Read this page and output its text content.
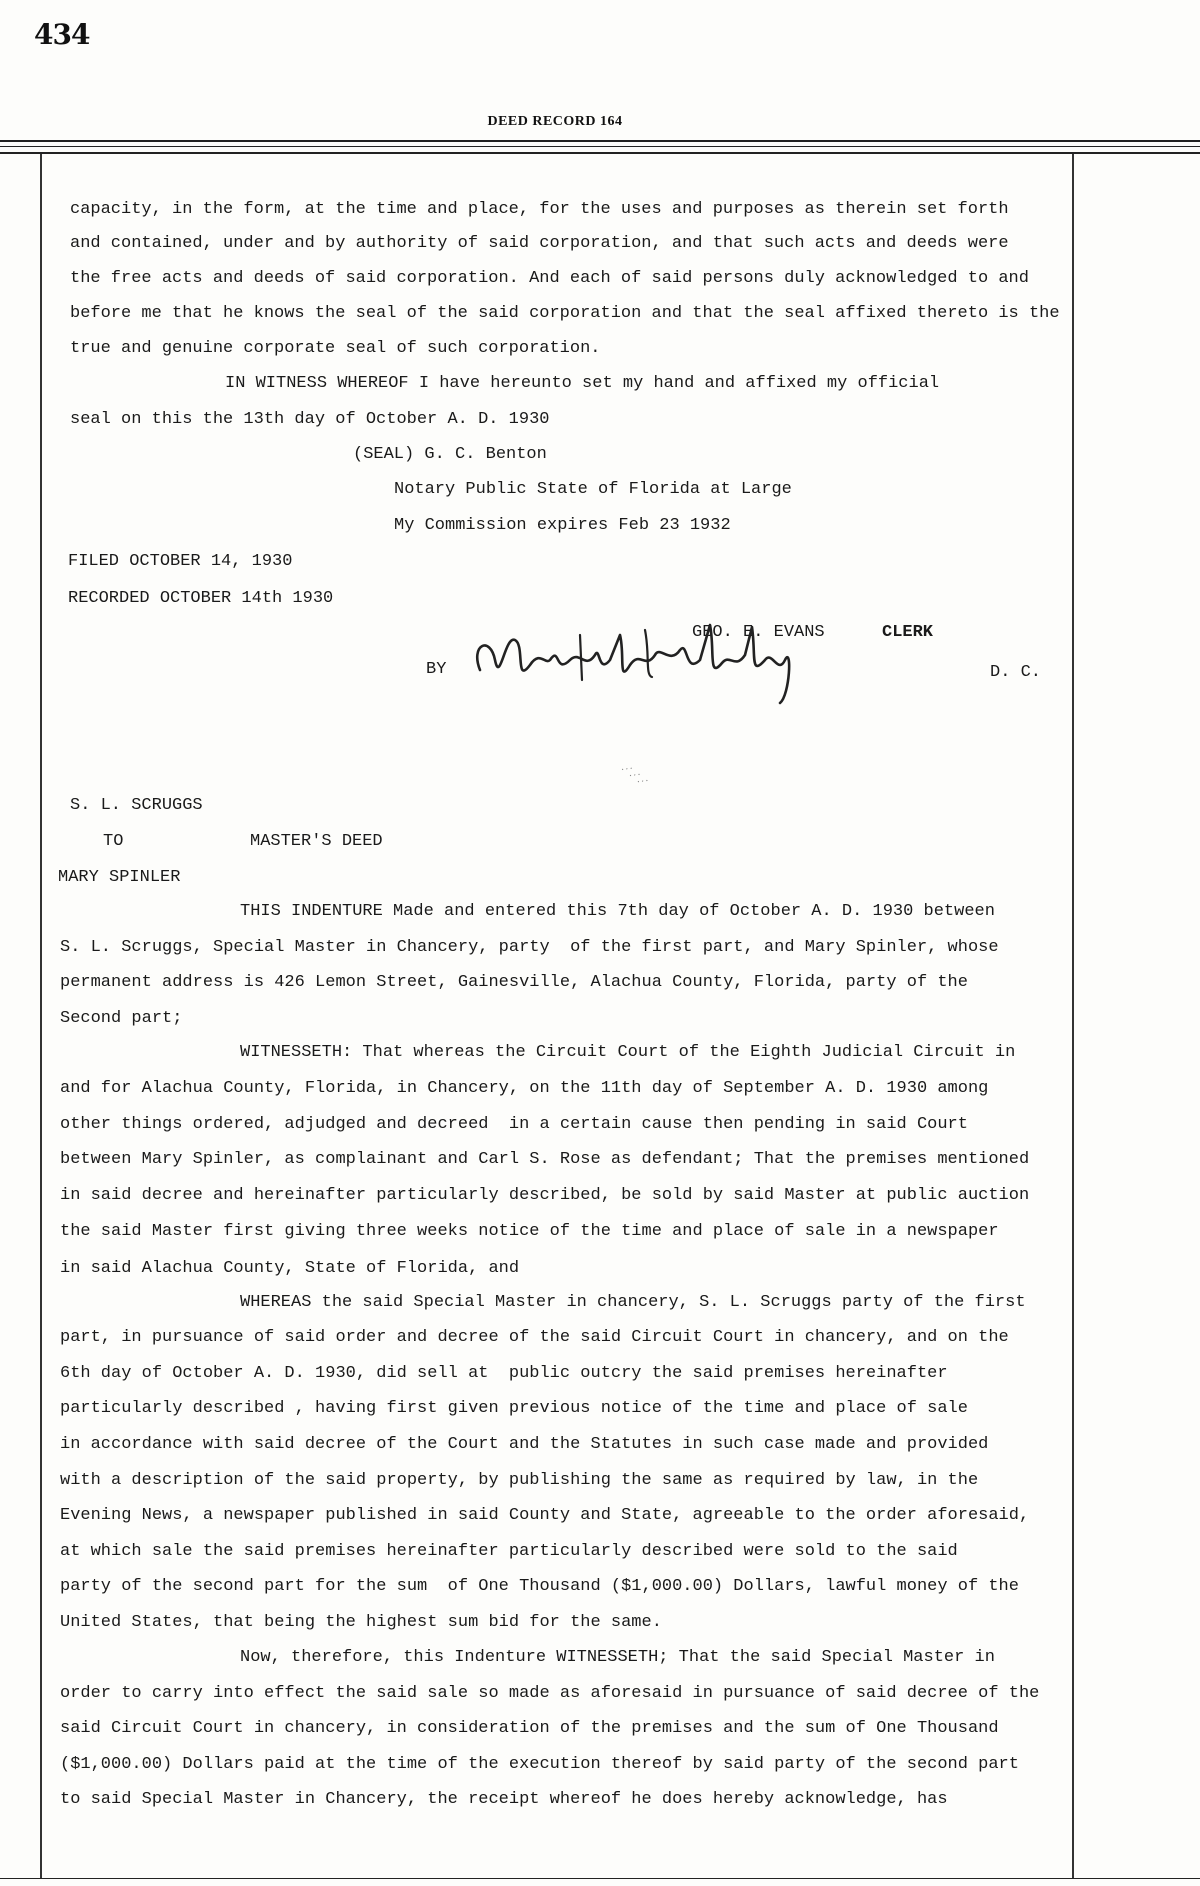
434
DEED RECORD 164
capacity, in the form, at the time and place, for the uses and purposes as therein set forth
and contained, under and by authority of said corporation, and that such acts and deeds were
the free acts and deeds of said corporation. And each of said persons duly acknowledged to and
before me that he knows the seal of the said corporation and that the seal affixed thereto is the
true and genuine corporate seal of such corporation.
IN WITNESS WHEREOF I have hereunto set my hand and affixed my official
seal on this the 13th day of October A. D. 1930
(SEAL) G. C. Benton
Notary Public State of Florida at Large
My Commission expires Feb 23 1932
FILED OCTOBER 14, 1930
RECORDED OCTOBER 14th 1930
GEO. E. EVANS	CLERK
BY	D. C.
⋰⋰⋰
S. L. SCRUGGS
TO	MASTER'S DEED
MARY SPINLER
THIS INDENTURE Made and entered this 7th day of October A. D. 1930 between
S. L. Scruggs, Special Master in Chancery, party  of the first part, and Mary Spinler, whose
permanent address is 426 Lemon Street, Gainesville, Alachua County, Florida, party of the
Second part;
WITNESSETH: That whereas the Circuit Court of the Eighth Judicial Circuit in
and for Alachua County, Florida, in Chancery, on the 11th day of September A. D. 1930 among
other things ordered, adjudged and decreed  in a certain cause then pending in said Court
between Mary Spinler, as complainant and Carl S. Rose as defendant; That the premises mentioned
in said decree and hereinafter particularly described, be sold by said Master at public auction
the said Master first giving three weeks notice of the time and place of sale in a newspaper
in said Alachua County, State of Florida, and
WHEREAS the said Special Master in chancery, S. L. Scruggs party of the first
part, in pursuance of said order and decree of the said Circuit Court in chancery, and on the
6th day of October A. D. 1930, did sell at  public outcry the said premises hereinafter
particularly described , having first given previous notice of the time and place of sale
in accordance with said decree of the Court and the Statutes in such case made and provided
with a description of the said property, by publishing the same as required by law, in the
Evening News, a newspaper published in said County and State, agreeable to the order aforesaid,
at which sale the said premises hereinafter particularly described were sold to the said
party of the second part for the sum  of One Thousand ($1,000.00) Dollars, lawful money of the
United States, that being the highest sum bid for the same.
Now, therefore, this Indenture WITNESSETH; That the said Special Master in
order to carry into effect the said sale so made as aforesaid in pursuance of said decree of the
said Circuit Court in chancery, in consideration of the premises and the sum of One Thousand
($1,000.00) Dollars paid at the time of the execution thereof by said party of the second part
to said Special Master in Chancery, the receipt whereof he does hereby acknowledge, has
